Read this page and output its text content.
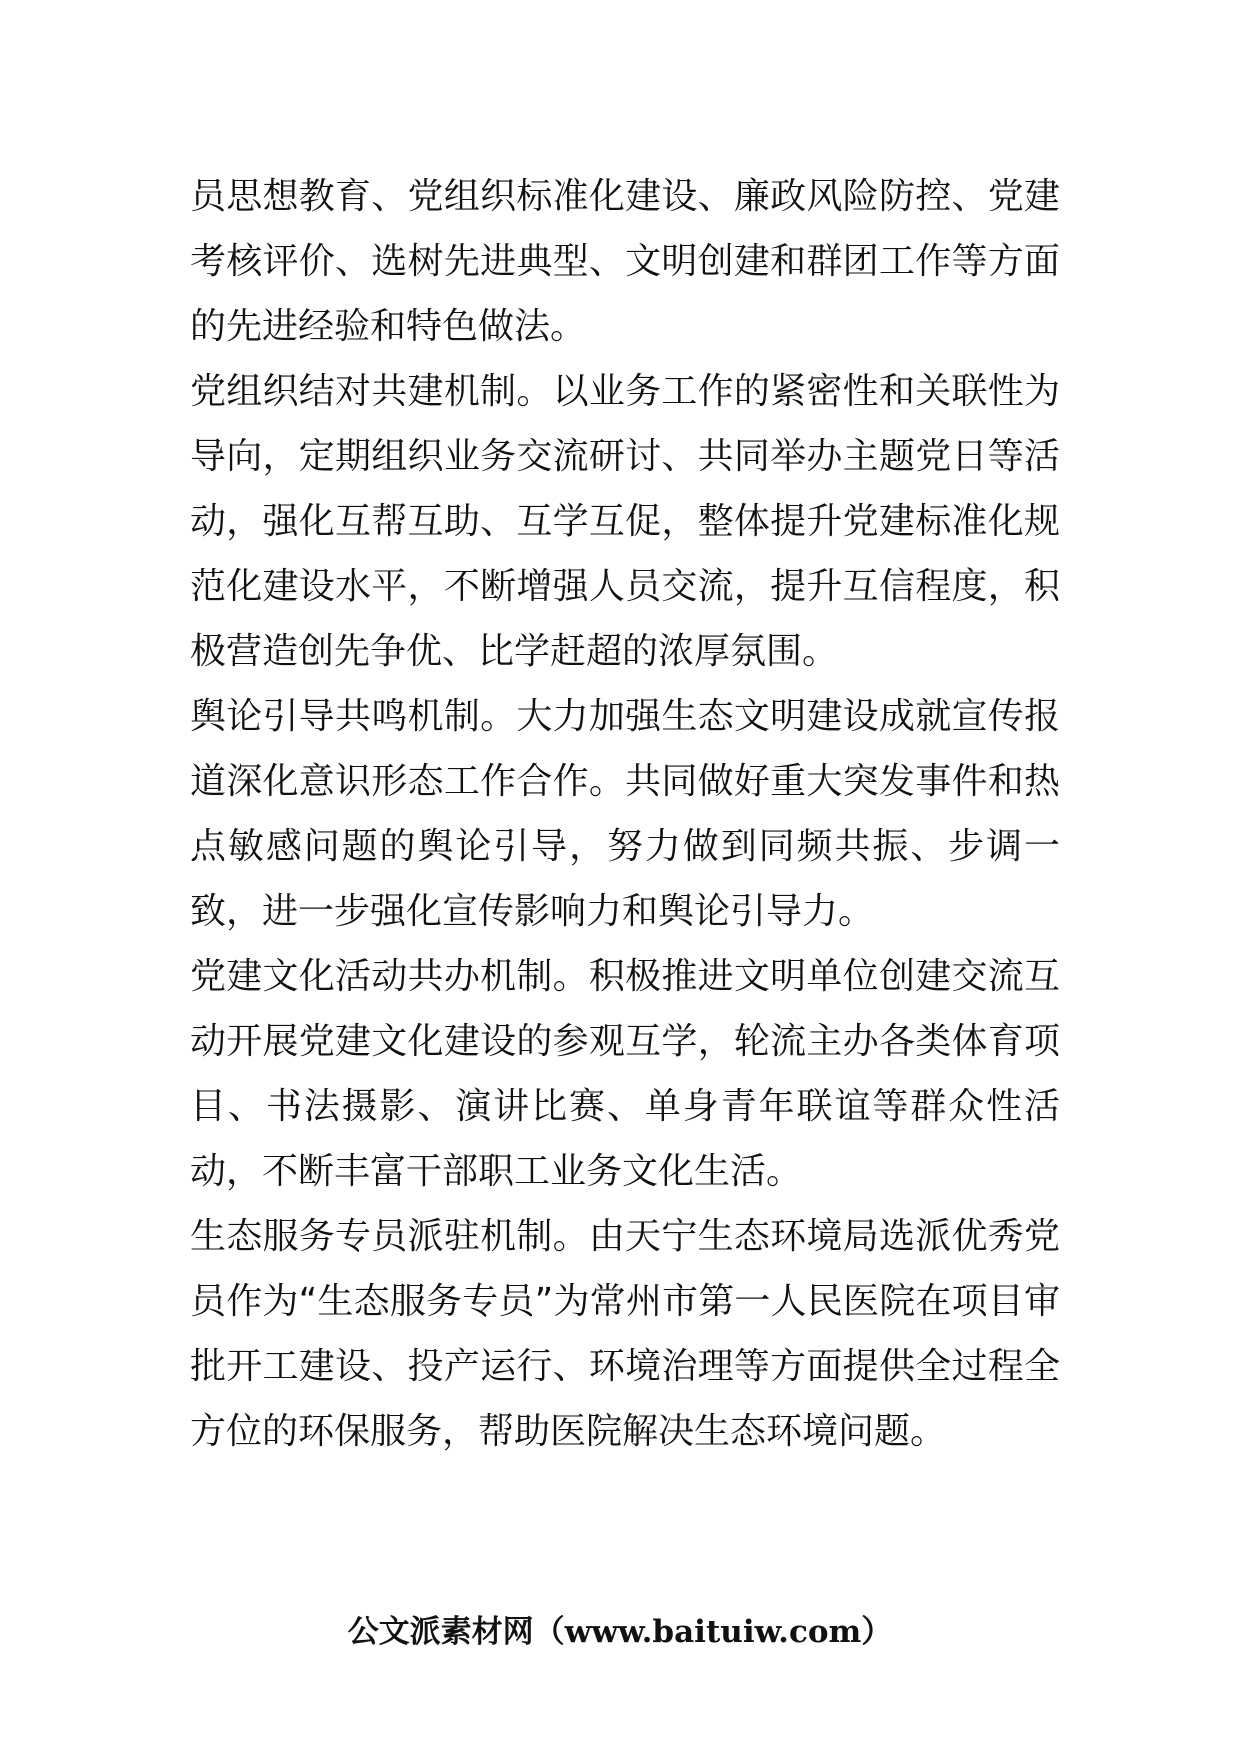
员思想教育、党组织标准化建设、廉政风险防控、党建考核评价、选树先进典型、文明创建和群团工作等方面的先进经验和特色做法。

党组织结对共建机制。以业务工作的紧密性和关联性为导向，定期组织业务交流研讨、共同举办主题党日等活动，强化互帮互助、互学互促，整体提升党建标准化规范化建设水平，不断增强人员交流，提升互信程度，积极营造创先争优、比学赶超的浓厚氛围。

舆论引导共鸣机制。大力加强生态文明建设成就宣传报道深化意识形态工作合作。共同做好重大突发事件和热点敏感问题的舆论引导，努力做到同频共振、步调一致，进一步强化宣传影响力和舆论引导力。

党建文化活动共办机制。积极推进文明单位创建交流互动开展党建文化建设的参观互学，轮流主办各类体育项目、书法摄影、演讲比赛、单身青年联谊等群众性活动，不断丰富干部职工业务文化生活。

生态服务专员派驻机制。由天宁生态环境局选派优秀党员作为“生态服务专员”为常州市第一人民医院在项目审批开工建设、投产运行、环境治理等方面提供全过程全方位的环保服务，帮助医院解决生态环境问题。

公文派素材网（www.baituiw.com）
